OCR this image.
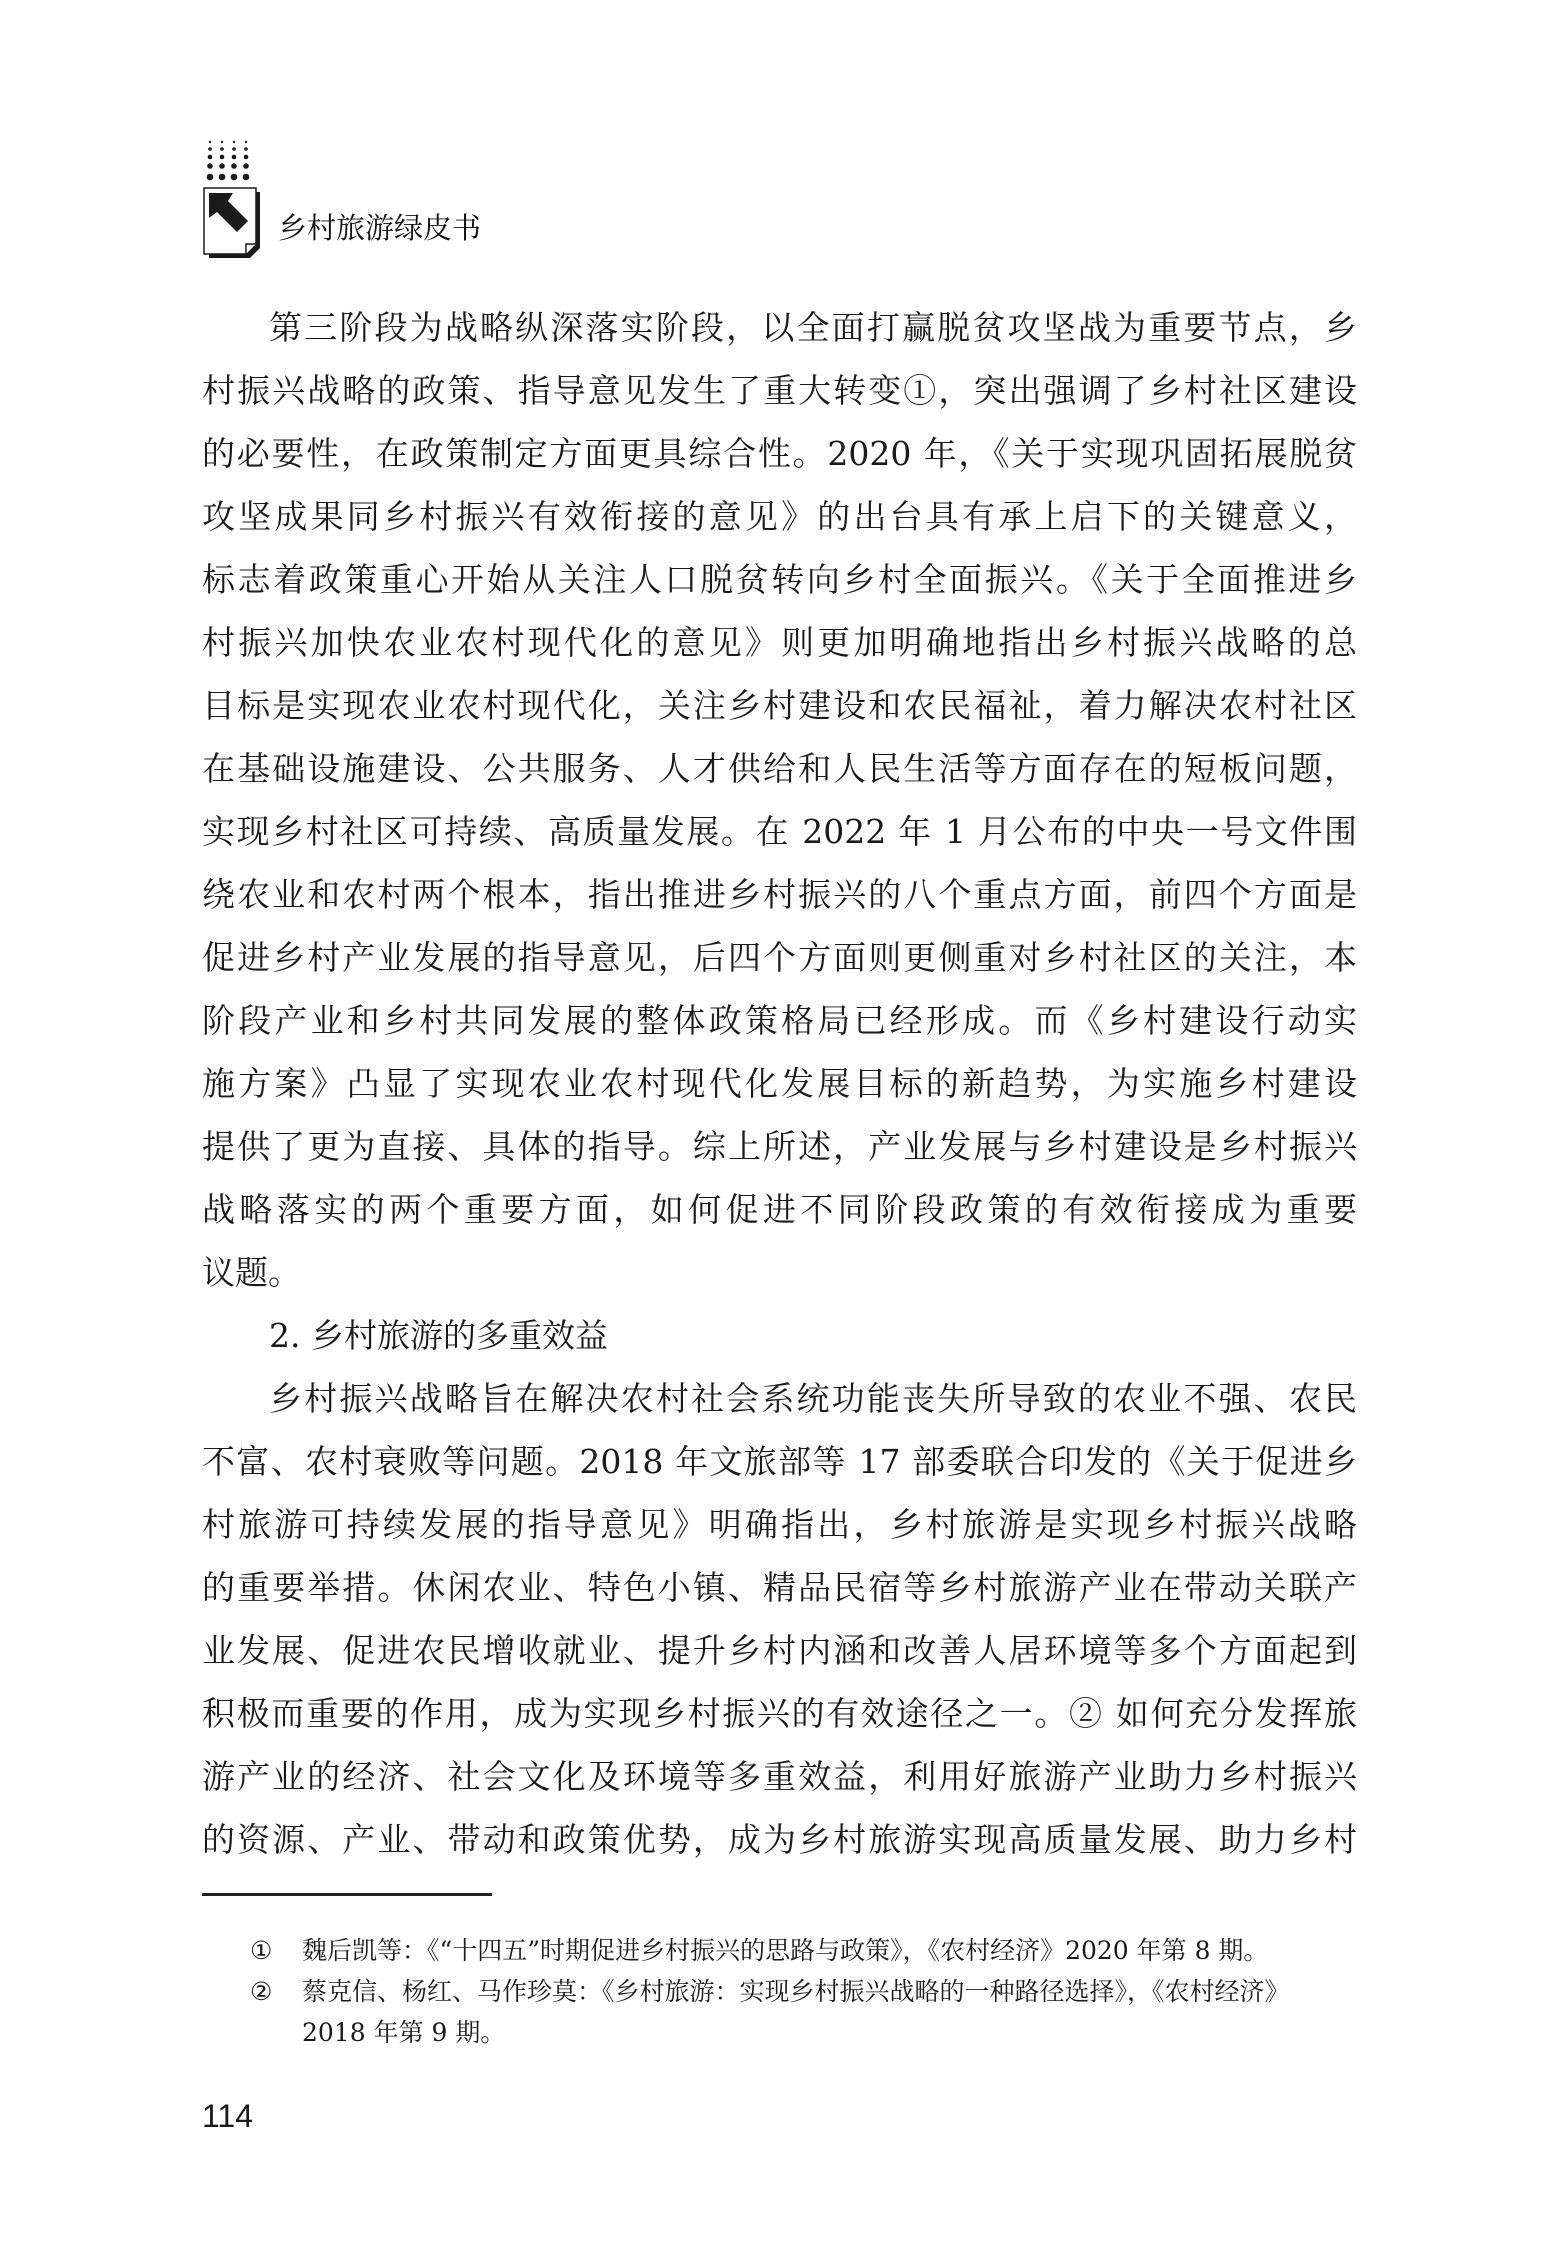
乡村旅游绿皮书
第三阶段为战略纵深落实阶段，以全面打赢脱贫攻坚战为重要节点，乡
村振兴战略的政策、指导意见发生了重大转变①，突出强调了乡村社区建设
的必要性，在政策制定方面更具综合性。2020 年，《关于实现巩固拓展脱贫
攻坚成果同乡村振兴有效衔接的意见》的出台具有承上启下的关键意义，
标志着政策重心开始从关注人口脱贫转向乡村全面振兴。《关于全面推进乡
村振兴加快农业农村现代化的意见》则更加明确地指出乡村振兴战略的总
目标是实现农业农村现代化，关注乡村建设和农民福祉，着力解决农村社区
在基础设施建设、公共服务、人才供给和人民生活等方面存在的短板问题，
实现乡村社区可持续、高质量发展。在 2022 年 1 月公布的中央一号文件围
绕农业和农村两个根本，指出推进乡村振兴的八个重点方面，前四个方面是
促进乡村产业发展的指导意见，后四个方面则更侧重对乡村社区的关注，本
阶段产业和乡村共同发展的整体政策格局已经形成。而《乡村建设行动实
施方案》凸显了实现农业农村现代化发展目标的新趋势，为实施乡村建设
提供了更为直接、具体的指导。综上所述，产业发展与乡村建设是乡村振兴
战略落实的两个重要方面，如何促进不同阶段政策的有效衔接成为重要
议题。
2. 乡村旅游的多重效益
乡村振兴战略旨在解决农村社会系统功能丧失所导致的农业不强、农民
不富、农村衰败等问题。2018 年文旅部等 17 部委联合印发的《关于促进乡
村旅游可持续发展的指导意见》明确指出，乡村旅游是实现乡村振兴战略
的重要举措。休闲农业、特色小镇、精品民宿等乡村旅游产业在带动关联产
业发展、促进农民增收就业、提升乡村内涵和改善人居环境等多个方面起到
积极而重要的作用，成为实现乡村振兴的有效途径之一。② 如何充分发挥旅
游产业的经济、社会文化及环境等多重效益，利用好旅游产业助力乡村振兴
的资源、产业、带动和政策优势，成为乡村旅游实现高质量发展、助力乡村
①	魏后凯等：《“十四五”时期促进乡村振兴的思路与政策》，《农村经济》2020 年第 8 期。
②	蔡克信、杨红、马作珍莫：《乡村旅游：实现乡村振兴战略的一种路径选择》，《农村经济》
2018 年第 9 期。
114
